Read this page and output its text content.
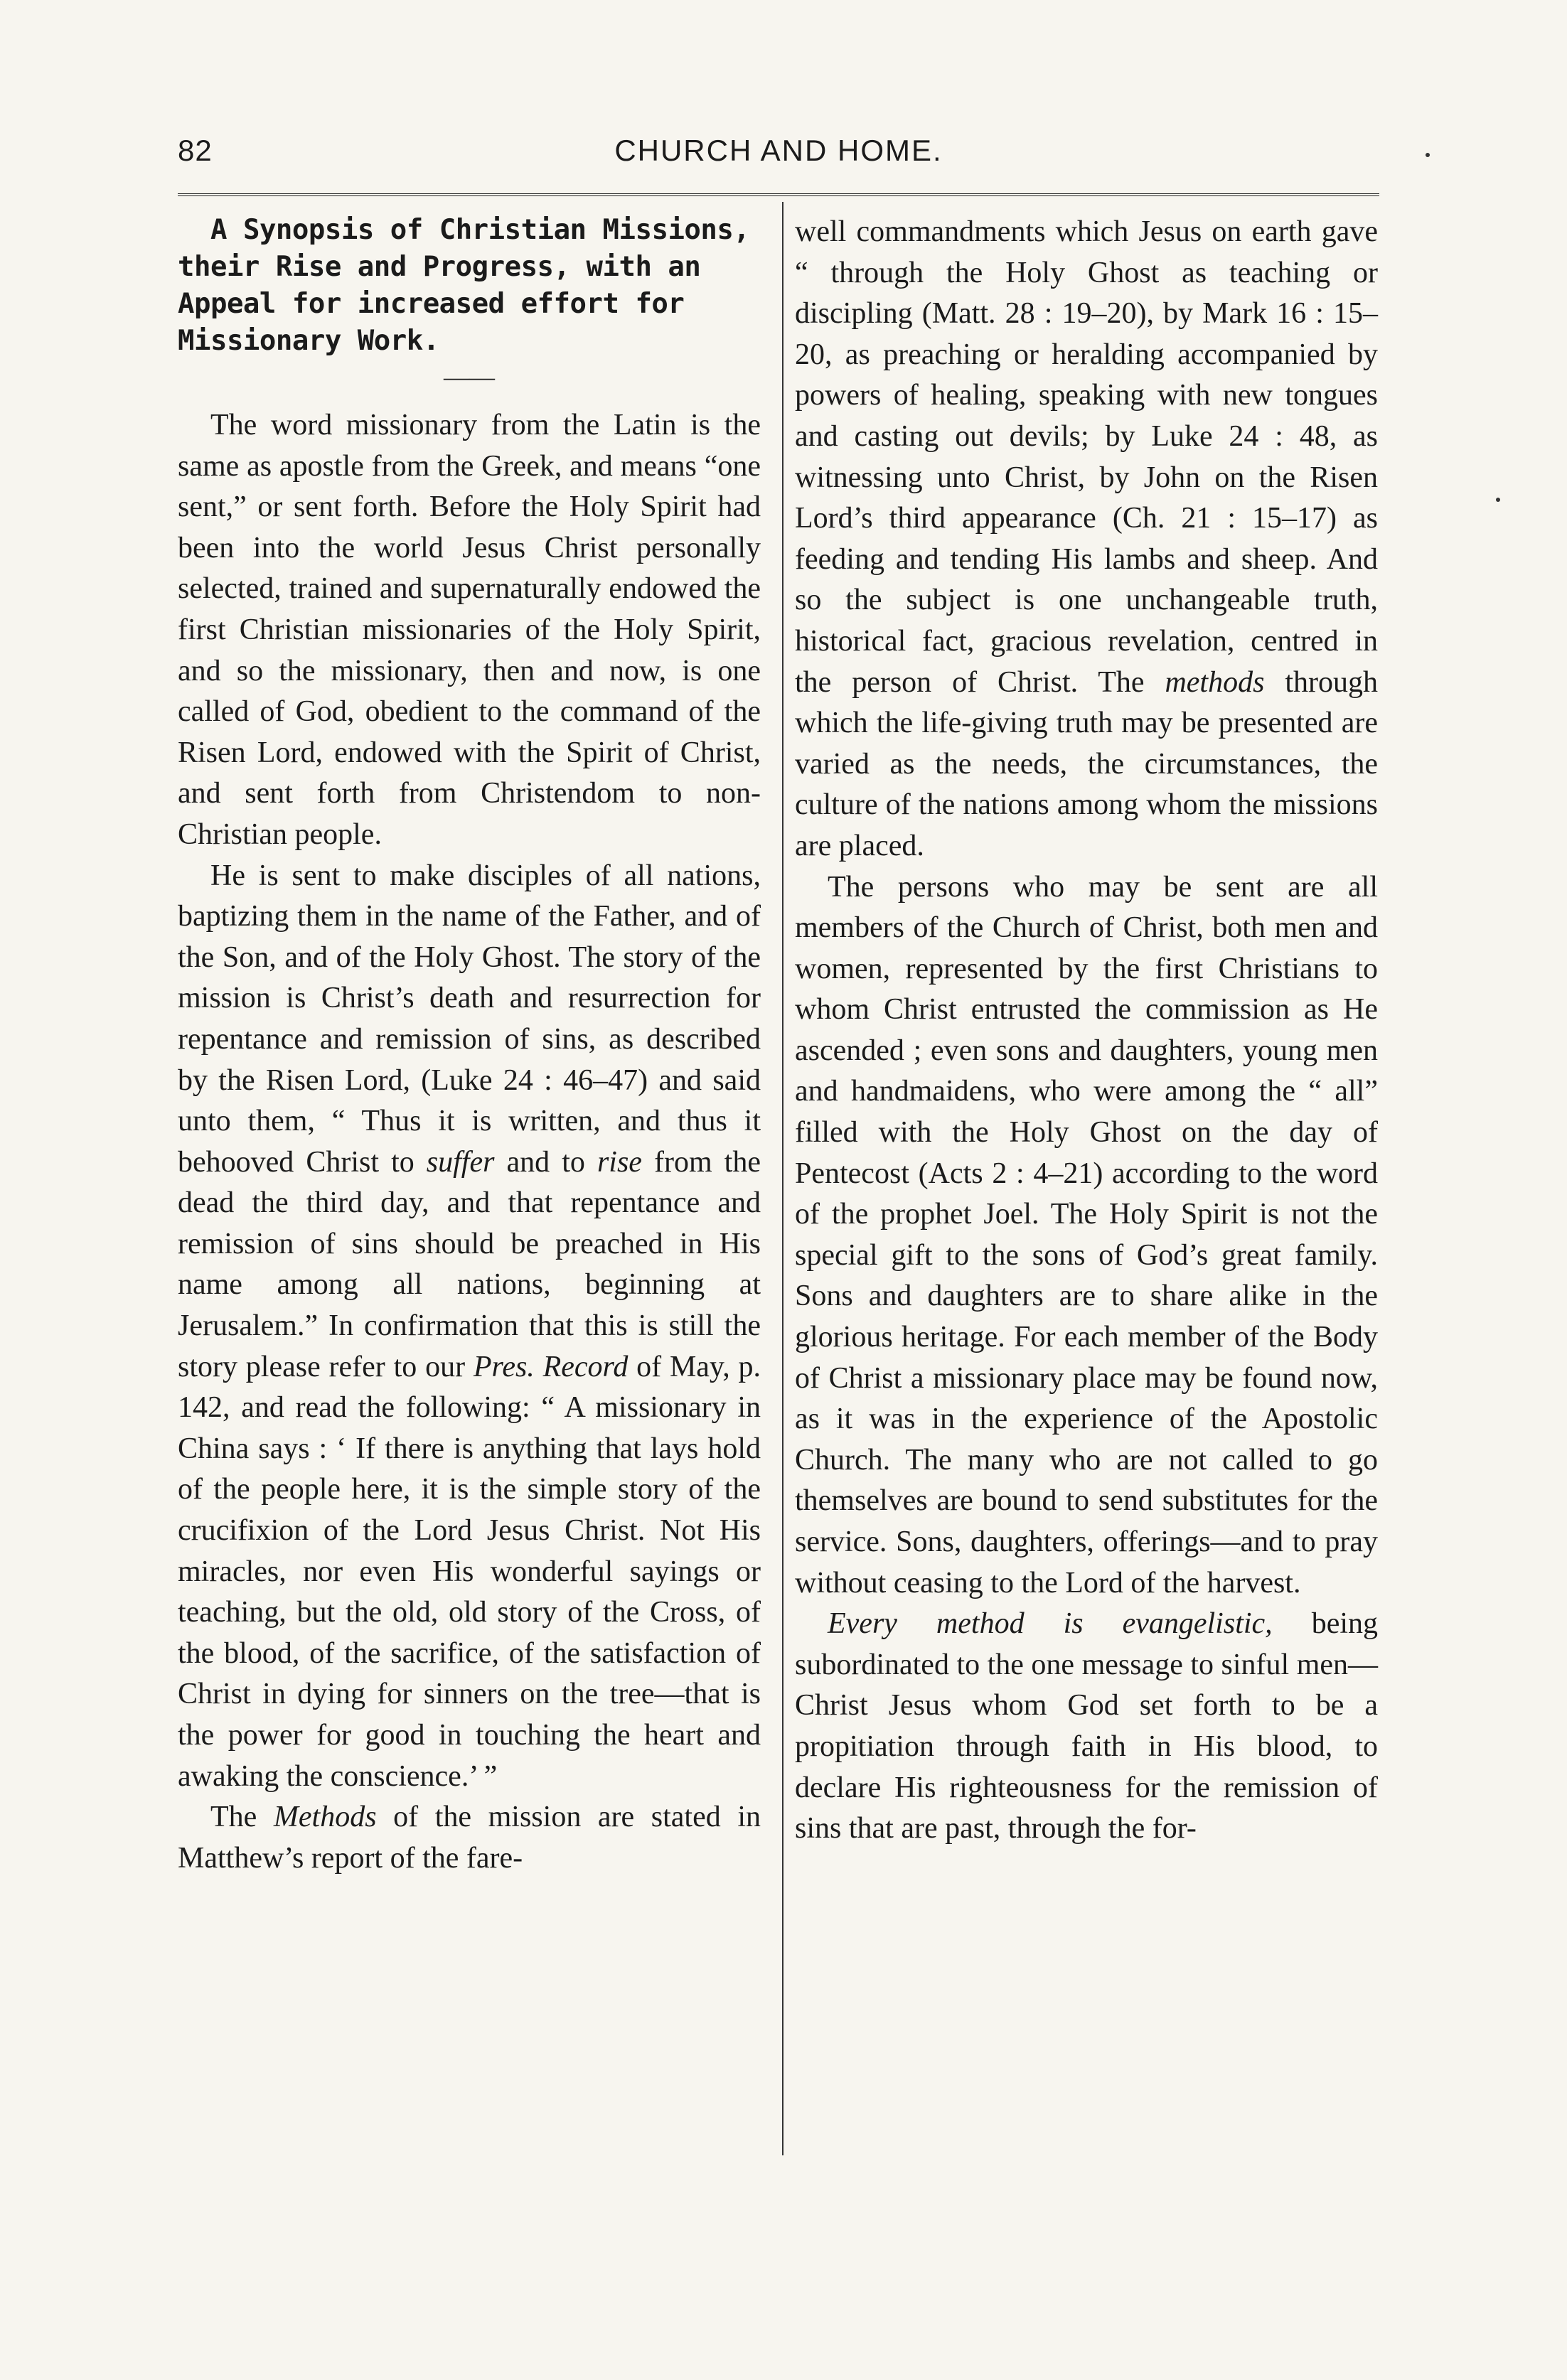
82	CHURCH AND HOME.

A Synopsis of Christian Missions, their Rise and Progress, with an Appeal for increased effort for Missionary Work.

——

The word missionary from the Latin is the same as apostle from the Greek, and means “one sent,” or sent forth. Before the Holy Spirit had been into the world Jesus Christ personally selected, trained and supernaturally endowed the first Christian missionaries of the Holy Spirit, and so the missionary, then and now, is one called of God, obedient to the command of the Risen Lord, endowed with the Spirit of Christ, and sent forth from Christendom to non-Christian people.

He is sent to make disciples of all nations, baptizing them in the name of the Father, and of the Son, and of the Holy Ghost. The story of the mission is Christ’s death and resurrection for repentance and remission of sins, as described by the Risen Lord, (Luke 24 : 46–47) and said unto them, “ Thus it is written, and thus it behooved Christ to suffer and to rise from the dead the third day, and that repentance and remission of sins should be preached in His name among all nations, beginning at Jerusalem.” In confirmation that this is still the story please refer to our Pres. Record of May, p. 142, and read the following: “ A missionary in China says : ‘ If there is anything that lays hold of the people here, it is the simple story of the crucifixion of the Lord Jesus Christ. Not His miracles, nor even His wonderful sayings or teaching, but the old, old story of the Cross, of the blood, of the sacrifice, of the satisfaction of Christ in dying for sinners on the tree—that is the power for good in touching the heart and awaking the conscience.’ ”

The Methods of the mission are stated in Matthew’s report of the fare-

well commandments which Jesus on earth gave “ through the Holy Ghost as teaching or discipling (Matt. 28 : 19–20), by Mark 16 : 15–20, as preaching or heralding accompanied by powers of healing, speaking with new tongues and casting out devils; by Luke 24 : 48, as witnessing unto Christ, by John on the Risen Lord’s third appearance (Ch. 21 : 15–17) as feeding and tending His lambs and sheep. And so the subject is one unchangeable truth, historical fact, gracious revelation, centred in the person of Christ. The methods through which the life-giving truth may be presented are varied as the needs, the circumstances, the culture of the nations among whom the missions are placed.

The persons who may be sent are all members of the Church of Christ, both men and women, represented by the first Christians to whom Christ entrusted the commission as He ascended ; even sons and daughters, young men and handmaidens, who were among the “ all” filled with the Holy Ghost on the day of Pentecost (Acts 2 : 4–21) according to the word of the prophet Joel. The Holy Spirit is not the special gift to the sons of God’s great family. Sons and daughters are to share alike in the glorious heritage. For each member of the Body of Christ a missionary place may be found now, as it was in the experience of the Apostolic Church. The many who are not called to go themselves are bound to send substitutes for the service. Sons, daughters, offerings—and to pray without ceasing to the Lord of the harvest.

Every method is evangelistic, being subordinated to the one message to sinful men—Christ Jesus whom God set forth to be a propitiation through faith in His blood, to declare His righteousness for the remission of sins that are past, through the for-
